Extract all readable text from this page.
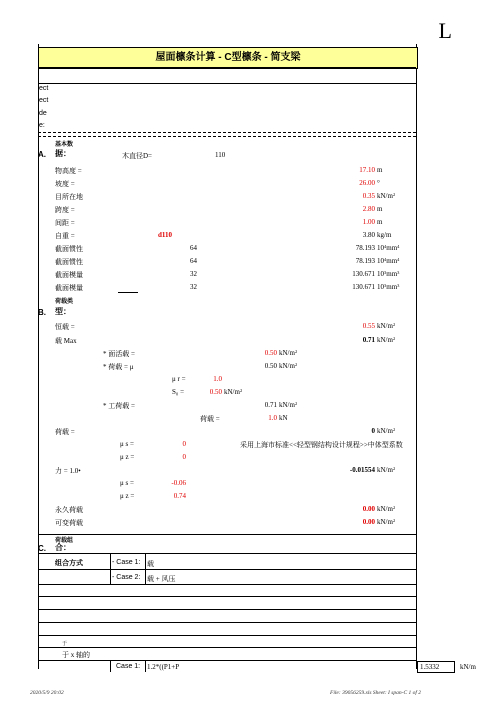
L
屋面檩条计算 - C型檩条 - 简支梁
ect
ect
de
e:
基本数
A. 据：	木直径D=	110
物高度 =	17.10 m
坡度 =	26.00 °
目所在地	0.35 $kN/m^2$
跨度 =	2.80 m
间距 =	1.00 m
自重 =	d110	3.80 kg/m
截面惯性	64	78.193 $10^4mm^4$
截面惯性	64	78.193 $10^4mm^4$
截面模量	32	130.671 $10^3mm^3$
截面模量	32	130.671 $10^3mm^3$
荷载类
B. 型：
恒载 =	0.55 $kN/m^2$
载 Max	0.71 $kN/m^2$
* 面活载 =	0.50 $kN/m^2$
* 荷载 = μ	0.50 $kN/m^2$
μ r =	1.0
S₀ =	0.50 $kN/m^2$
* 工荷载 =	0.71 $kN/m^2$
荷载 =	1.0 kN
荷载 =	0 $kN/m^2$
μ s =	0	采用上海市标准<<轻型钢结构设计规程>>中体型系数
μ z =	0
力 = 1.0•	-0.01554 $kN/m^2$
μ s =	-0.06
μ z =	0.74
永久荷载	0.00 $kN/m^2$
可变荷载	0.00 $kN/m^2$
荷载组
C. 合：
组合方式	- Case 1: 载
- Case 2: 载 + 风压
于
于 x 轴的
Case 1: 1.2*((P1+P	1.5332	kN/m
2020/5/9 20:02	File: 39056259.xls Sheet: I span-C 1 of 2
